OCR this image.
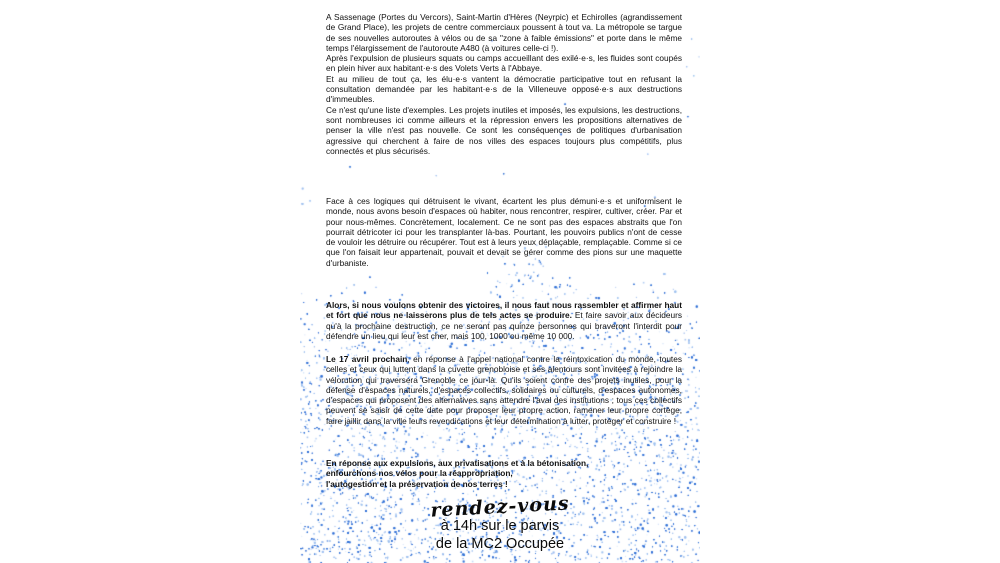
A Sassenage (Portes du Vercors), Saint-Martin d'Hères (Neyrpic) et Echirolles (agrandissement de Grand Place), les projets de centre commerciaux poussent à tout va. La métropole se targue de ses nouvelles autoroutes à vélos ou de sa "zone à faible émissions" et porte dans le même temps l'élargissement de l'autoroute A480 (à voitures celle-ci !).

Après l'expulsion de plusieurs squats ou camps accueillant des exilé·e·s, les fluides sont coupés en plein hiver aux habitant·e·s des Volets Verts à l'Abbaye.

Et au milieu de tout ça, les élu·e·s vantent la démocratie participative tout en refusant la consultation demandée par les habitant·e·s de la Villeneuve opposé·e·s aux destructions d'immeubles.

Ce n'est qu'une liste d'exemples. Les projets inutiles et imposés, les expulsions, les destructions, sont nombreuses ici comme ailleurs et la répression envers les propositions alternatives de penser la ville n'est pas nouvelle. Ce sont les conséquences de politiques d'urbanisation agressive qui cherchent à faire de nos villes des espaces toujours plus compétitifs, plus connectés et plus sécurisés.

Face à ces logiques qui détruisent le vivant, écartent les plus démuni·e·s et uniformisent le monde, nous avons besoin d'espaces où habiter, nous rencontrer, respirer, cultiver, créer. Par et pour nous-mêmes. Concrètement, localement. Ce ne sont pas des espaces abstraits que l'on pourrait détricoter ici pour les transplanter là-bas. Pourtant, les pouvoirs publics n'ont de cesse de vouloir les détruire ou récupérer. Tout est à leurs yeux déplaçable, remplaçable. Comme si ce que l'on faisait leur appartenait, pouvait et devait se gérer comme des pions sur une maquette d'urbaniste.

Alors, si nous voulons obtenir des victoires, il nous faut nous rassembler et affirmer haut et fort que nous ne laisserons plus de tels actes se produire. Et faire savoir aux décideurs qu'à la prochaine destruction, ce ne seront pas quinze personnes qui braveront l'interdit pour défendre un lieu qui leur est cher, mais 100, 1000 ou même 10 000.

Le 17 avril prochain, en réponse à l'appel national contre la réintoxication du monde, toutes celles et ceux qui luttent dans la cuvette grenobloise et ses alentours sont invitées à rejoindre la vélorution qui traversera Grenoble ce jour-là. Qu'ils soient contre des projets inutiles, pour la défense d'espaces naturels, d'espaces collectifs, solidaires ou culturels, d'espaces autonomes, d'espaces qui proposent des alternatives sans attendre l'aval des institutions ; tous ces collectifs peuvent se saisir de cette date pour proposer leur propre action, ramener leur propre cortège, faire jaillir dans la ville leurs revendications et leur détermination à lutter, protéger et construire !

En réponse aux expulsions, aux privatisations et à la bétonisation,

enfourchons nos vélos pour la réappropriation,

l'autogestion et la préservation de nos terres !

rendez-vous
à 14h sur le parvis
de la MC2 Occupée
